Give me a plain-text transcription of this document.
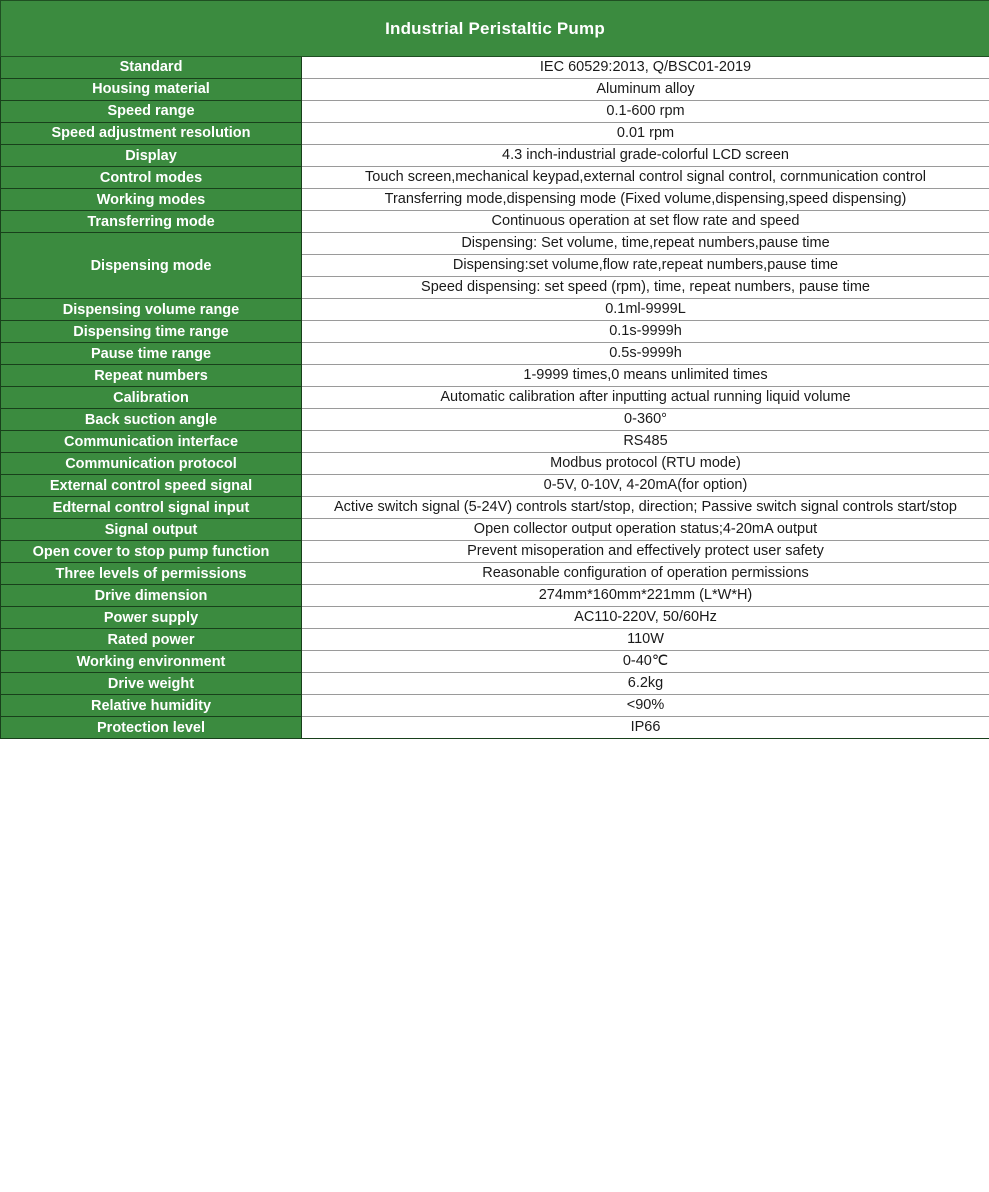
Industrial Peristaltic Pump	
Standard	IEC 60529:2013, Q/BSC01-2019
Housing material	Aluminum alloy
Speed range	0.1-600 rpm
Speed adjustment resolution	0.01 rpm
Display	4.3 inch-industrial grade-colorful LCD screen
Control modes	Touch screen,mechanical keypad,external control signal control, cornmunication control
Working modes	Transferring mode,dispensing mode (Fixed volume,dispensing,speed dispensing)
Transferring mode	Continuous operation at set flow rate and speed
Dispensing mode	Dispensing: Set volume, time,repeat numbers,pause time
	Dispensing:set volume,flow rate,repeat numbers,pause time
	Speed dispensing: set speed (rpm), time, repeat numbers, pause time
Dispensing volume range	0.1ml-9999L
Dispensing time range	0.1s-9999h
Pause time range	0.5s-9999h
Repeat numbers	1-9999 times,0 means unlimited times
Calibration	Automatic calibration after inputting actual running liquid volume
Back suction angle	0-360°
Communication interface	RS485
Communication protocol	Modbus protocol (RTU mode)
External control speed signal	0-5V, 0-10V, 4-20mA(for option)
Edternal control signal input	Active switch signal (5-24V) controls start/stop, direction; Passive switch signal controls start/stop
Signal output	Open collector output operation status;4-20mA output
Open cover to stop pump function	Prevent misoperation and effectively protect user safety
Three levels of permissions	Reasonable configuration of operation permissions
Drive dimension	274mm*160mm*221mm (L*W*H)
Power supply	AC110-220V, 50/60Hz
Rated power	110W
Working environment	0-40℃
Drive weight	6.2kg
Relative humidity	<90%
Protection level	IP66
